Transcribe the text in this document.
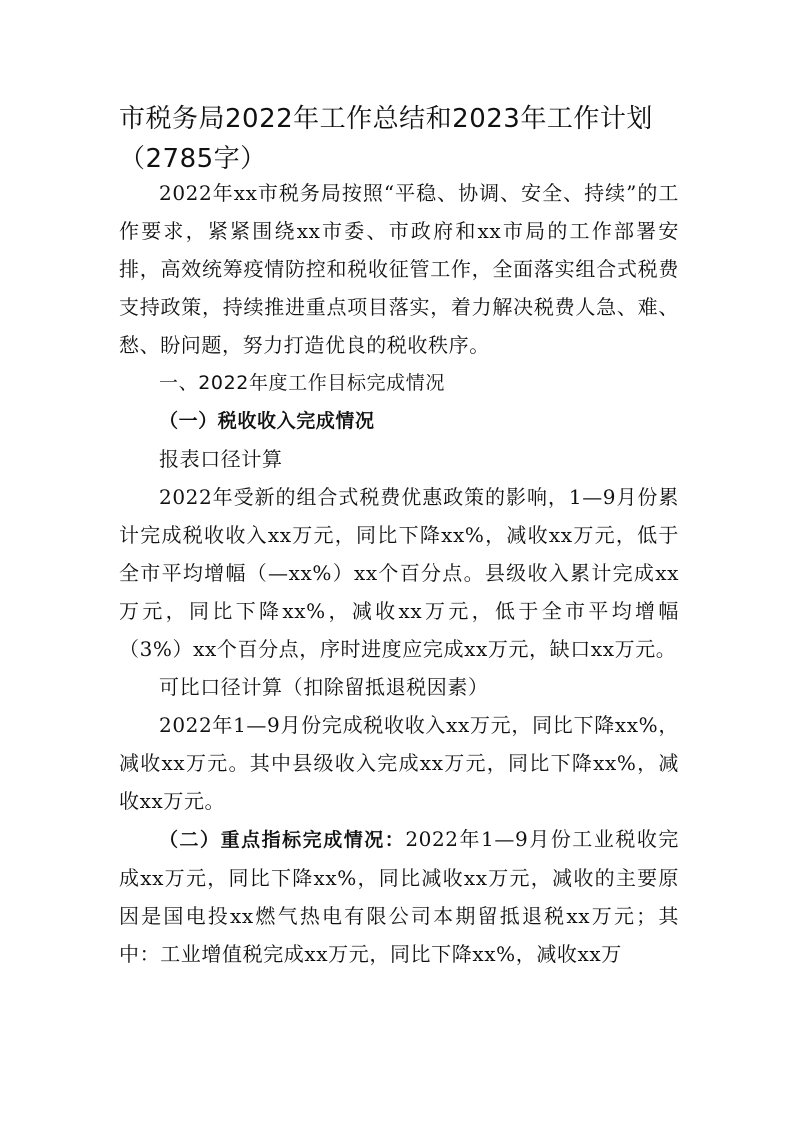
市税务局2022年工作总结和2023年工作计划（2785字）

2022年xx市税务局按照“平稳、协调、安全、持续”的工作要求，紧紧围绕xx市委、市政府和xx市局的工作部署安排，高效统筹疫情防控和税收征管工作，全面落实组合式税费支持政策，持续推进重点项目落实，着力解决税费人急、难、愁、盼问题，努力打造优良的税收秩序。

一、2022年度工作目标完成情况

（一）税收收入完成情况

报表口径计算

2022年受新的组合式税费优惠政策的影响，1—9月份累计完成税收收入xx万元，同比下降xx%，减收xx万元，低于全市平均增幅（—xx%）xx个百分点。县级收入累计完成xx万元，同比下降xx%，减收xx万元，低于全市平均增幅（3%）xx个百分点，序时进度应完成xx万元，缺口xx万元。

可比口径计算（扣除留抵退税因素）

2022年1—9月份完成税收收入xx万元，同比下降xx%，减收xx万元。其中县级收入完成xx万元，同比下降xx%，减收xx万元。

（二）重点指标完成情况：2022年1—9月份工业税收完成xx万元，同比下降xx%，同比减收xx万元，减收的主要原因是国电投xx燃气热电有限公司本期留抵退税xx万元；其中：工业增值税完成xx万元，同比下降xx%，减收xx万
